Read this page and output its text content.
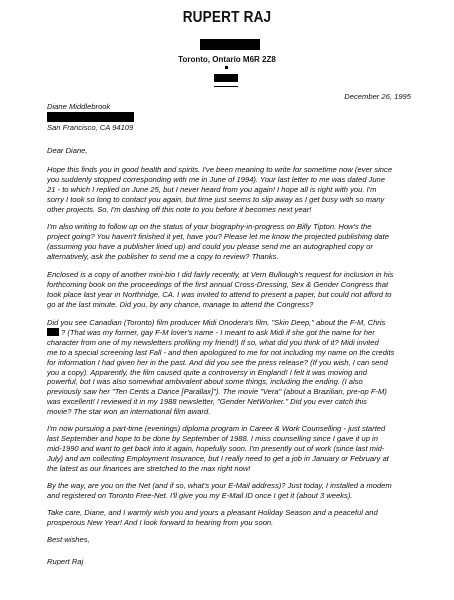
RUPERT RAJ
Toronto, Ontario M6R 2Z8
December 26, 1995
Diane Middlebrook
San Francisco, CA 94109
Dear Diane,

Hope this finds you in good health and spirits. I've been meaning to write for sometime now (ever since
you suddenly stopped corresponding with me in June of 1994). Your last letter to me was dated June
21 - to which I replied on June 25, but I never heard from you again! I hope all is right with you. I'm
sorry I took so long to contact you again, but time just seems to slip away as I get busy with so many
other projects. So, I'm dashing off this note to you before it becomes next year!

I'm also writing to follow up on the status of your biography-in-progress on Billy Tipton. How's the
project going? You haven't finished it yet, have you? Please let me know the projected publishing date
(assuming you have a publisher lined up) and could you please send me an autographed copy or
alternatively, ask the publisher to send me a copy to review? Thanks.

Enclosed is a copy of another mini-bio I did fairly recently, at Vern Bullough's request for inclusion in his
forthcoming book on the proceedings of the first annual Cross-Dressing, Sex & Gender Congress that
took place last year in Northridge, CA. I was invited to attend to present a paper, but could not afford to
go at the last minute. Did you, by any chance, manage to attend the Congress?

Did you see Canadian (Toronto) film producer Midi Onodera's film, "Skin Deep," about the F-M, Chris
? (That was my former, gay F-M lover's name - I meant to ask Midi if she got the name for her
character from one of my newsletters profiling my friend!) If so, what did you think of it? Midi invited
me to a special screening last Fall - and then apologized to me for not including my name on the credits
for information I had given her in the past. And did you see the press release? (If you wish, I can send
you a copy). Apparently, the film caused quite a controversy in England! I felt it was moving and
powerful, but I was also somewhat ambivalent about some things, including the ending. (I also
previously saw her "Ten Cents a Dance [Parallax]"). The movie "Vera" (about a Brazilian, pre-op F-M)
was excellent! I reviewed it in my 1988 newsletter, "Gender NetWorker." Did you ever catch this
movie? The star won an international film award.

I'm now pursuing a part-time (evenings) diploma program in Career & Work Counselling - just started
last September and hope to be done by September of 1988. I miss counselling since I gave it up in
mid-1990 and want to get back into it again, hopefully soon. I'm presently out of work (since last mid-
July) and am collecting Employment Insurance, but I really need to get a job in January or February at
the latest as our finances are stretched to the max right now!

By the way, are you on the Net (and if so, what's your E-Mail address)? Just today, I installed a modem
and registered on Toronto Free-Net. I'll give you my E-Mail ID once I get it (about 3 weeks).

Take care, Diane, and I warmly wish you and yours a pleasant Holiday Season and a peaceful and
prosperous New Year! And I look forward to hearing from you soon.

Best wishes,
Rupert Raj
